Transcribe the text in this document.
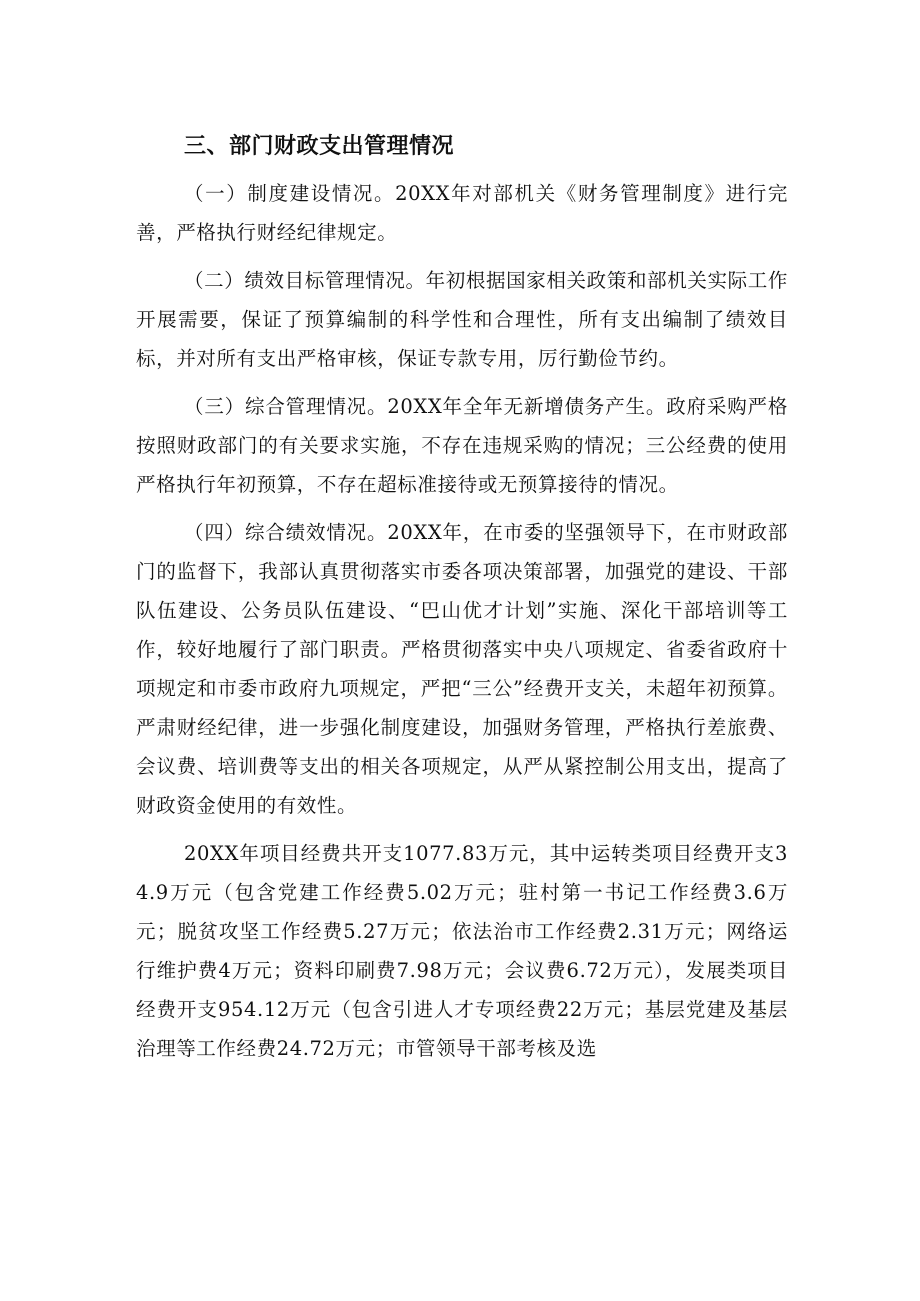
三、部门财政支出管理情况

（一）制度建设情况。20XX年对部机关《财务管理制度》进行完善，严格执行财经纪律规定。

（二）绩效目标管理情况。年初根据国家相关政策和部机关实际工作开展需要，保证了预算编制的科学性和合理性，所有支出编制了绩效目标，并对所有支出严格审核，保证专款专用，厉行勤俭节约。

（三）综合管理情况。20XX年全年无新增债务产生。政府采购严格按照财政部门的有关要求实施，不存在违规采购的情况；三公经费的使用严格执行年初预算，不存在超标准接待或无预算接待的情况。

（四）综合绩效情况。20XX年，在市委的坚强领导下，在市财政部门的监督下，我部认真贯彻落实市委各项决策部署，加强党的建设、干部队伍建设、公务员队伍建设、“巴山优才计划”实施、深化干部培训等工作，较好地履行了部门职责。严格贯彻落实中央八项规定、省委省政府十项规定和市委市政府九项规定，严把“三公”经费开支关，未超年初预算。严肃财经纪律，进一步强化制度建设，加强财务管理，严格执行差旅费、会议费、培训费等支出的相关各项规定，从严从紧控制公用支出，提高了财政资金使用的有效性。

20XX年项目经费共开支1077.83万元，其中运转类项目经费开支34.9万元（包含党建工作经费5.02万元；驻村第一书记工作经费3.6万元；脱贫攻坚工作经费5.27万元；依法治市工作经费2.31万元；网络运行维护费4万元；资料印刷费7.98万元；会议费6.72万元），发展类项目经费开支954.12万元（包含引进人才专项经费22万元；基层党建及基层治理等工作经费24.72万元；市管领导干部考核及选
